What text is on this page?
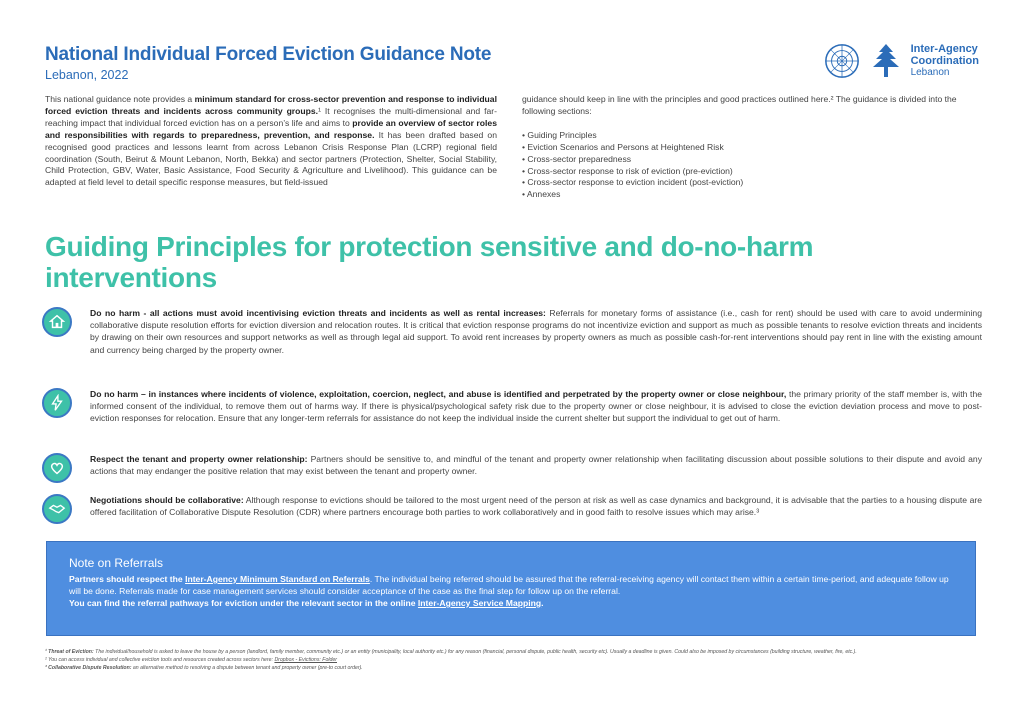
National Individual Forced Eviction Guidance Note
Lebanon, 2022
Inter-Agency
Coordination
Lebanon
This national guidance note provides a minimum standard for cross-sector prevention and response to individual forced eviction threats and incidents across community groups.¹ It recognises the multi-dimensional and far-reaching impact that individual forced eviction has on a person’s life and aims to provide an overview of sector roles and responsibilities with regards to preparedness, prevention, and response. It has been drafted based on recognised good practices and lessons learnt from across Lebanon Crisis Response Plan (LCRP) regional field coordination (South, Beirut & Mount Lebanon, North, Bekka) and sector partners (Protection, Shelter, Social Stability, Child Protection, GBV, Water, Basic Assistance, Food Security & Agriculture and Livelihood). This guidance can be adapted at field level to detail specific response measures, but field-issued
guidance should keep in line with the principles and good practices outlined here.² The guidance is divided into the following sections:
• Guiding Principles
• Eviction Scenarios and Persons at Heightened Risk
• Cross-sector preparedness
• Cross-sector response to risk of eviction (pre-eviction)
• Cross-sector response to eviction incident (post-eviction)
• Annexes
Guiding Principles for protection sensitive and do-no-harm interventions
Do no harm - all actions must avoid incentivising eviction threats and incidents as well as rental increases: Referrals for monetary forms of assistance (i.e., cash for rent) should be used with care to avoid undermining collaborative dispute resolution efforts for eviction diversion and relocation routes. It is critical that eviction response programs do not incentivize eviction and support as much as possible tenants to resolve eviction threats and incidents by drawing on their own resources and support networks as well as through legal aid support. To avoid rent increases by property owners as much as possible cash-for-rent interventions should pay rent in line with the existing amount and currency being charged by the property owner.
Do no harm – in instances where incidents of violence, exploitation, coercion, neglect, and abuse is identified and perpetrated by the property owner or close neighbour, the primary priority of the staff member is, with the informed consent of the individual, to remove them out of harms way. If there is physical/psychological safety risk due to the property owner or close neighbour, it is advised to close the eviction deviation process and move to post-eviction responses for relocation. Ensure that any longer-term referrals for assistance do not keep the individual inside the current shelter but support the individual to get out of harm.
Respect the tenant and property owner relationship: Partners should be sensitive to, and mindful of the tenant and property owner relationship when facilitating discussion about possible solutions to their dispute and avoid any actions that may endanger the positive relation that may exist between the tenant and property owner.
Negotiations should be collaborative: Although response to evictions should be tailored to the most urgent need of the person at risk as well as case dynamics and background, it is advisable that the parties to a housing dispute are offered facilitation of Collaborative Dispute Resolution (CDR) where partners encourage both parties to work collaboratively and in good faith to resolve issues which may arise.³
Note on Referrals
Partners should respect the Inter-Agency Minimum Standard on Referrals. The individual being referred should be assured that the referral-receiving agency will contact them within a certain time-period, and adequate follow up will be done. Referrals made for case management services should consider acceptance of the case as the final step for follow up on the referral.
You can find the referral pathways for eviction under the relevant sector in the online Inter-Agency Service Mapping.
¹ Threat of Eviction: The individual/household is asked to leave the house by a person (landlord, family member, community etc.) or an entity (municipality, local authority etc.) for any reason (financial, personal dispute, public health, security etc). Usually a deadline is given. Could also be imposed by circumstances (building structure, weather, fire, etc.).
² You can access individual and collective eviction tools and resources created across sectors here: Dropbox - Evictions: Folder
³ Collaborative Dispute Resolution: an alternative method to resolving a dispute between tenant and property owner (pre-to court order).
